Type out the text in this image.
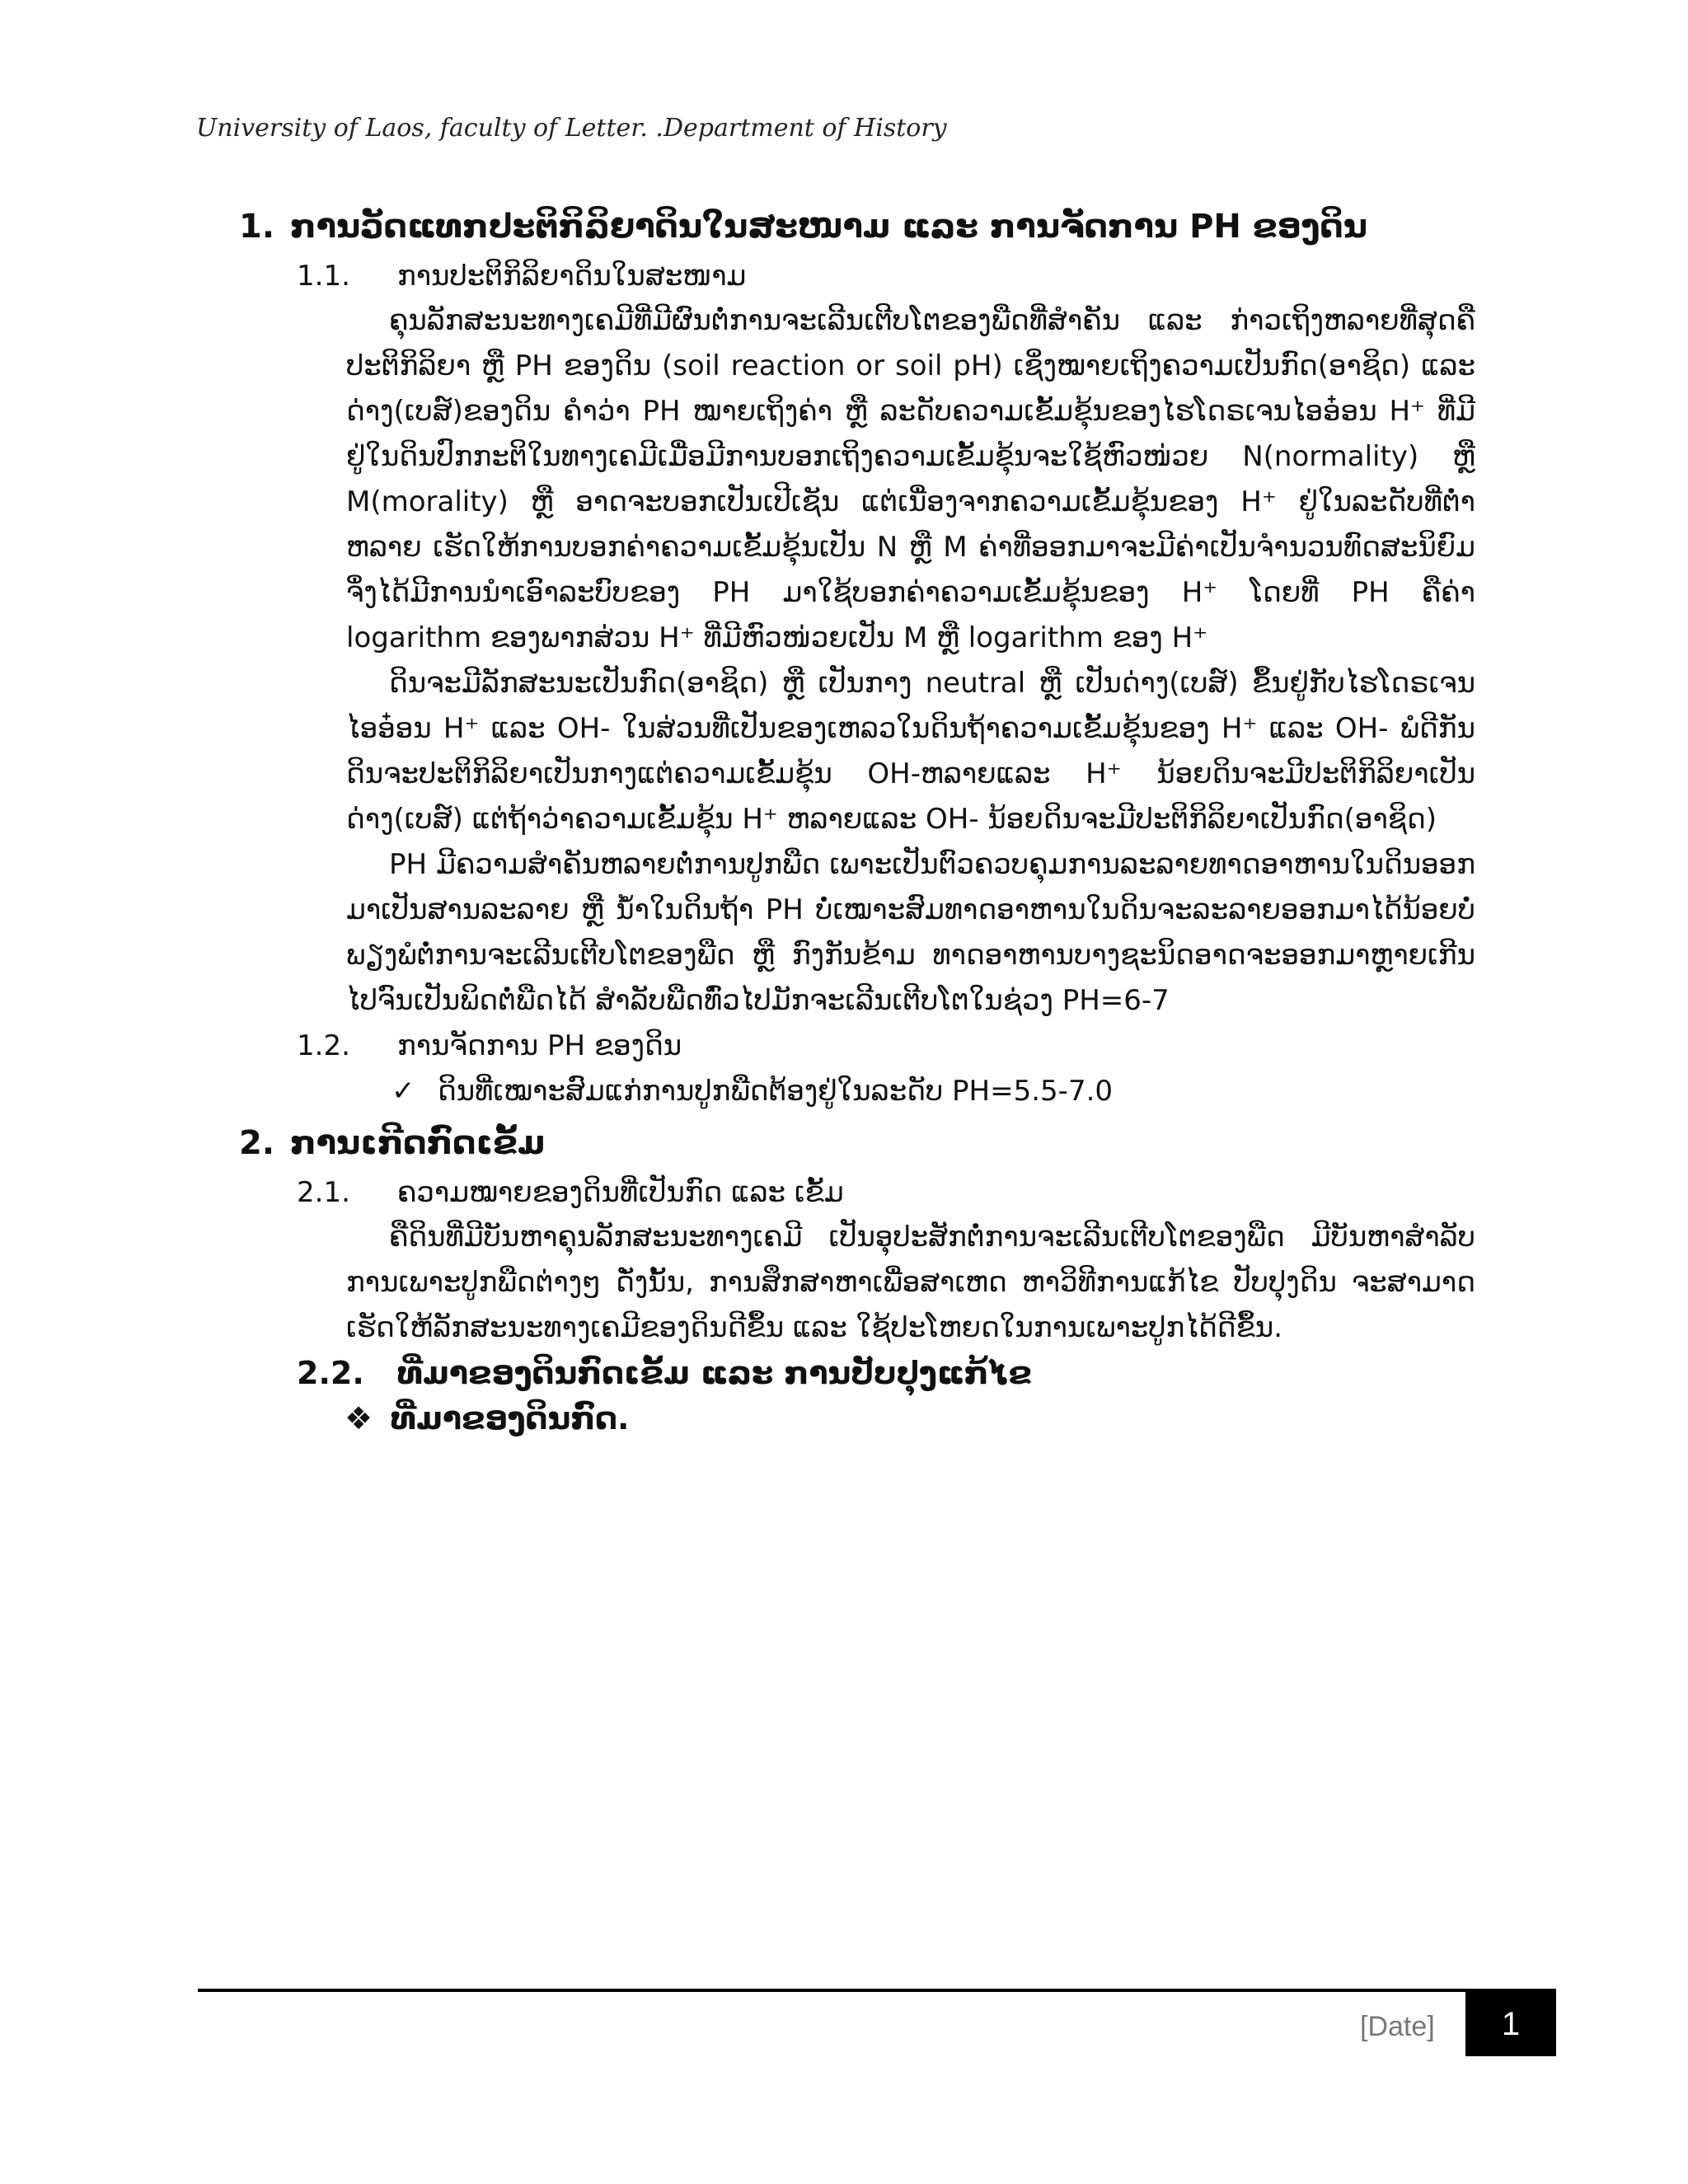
University of Laos, faculty of Letter. .Department of History
1. ການວັດແທກປະຕິກິລິຍາດິນໃນສະໜາມ ແລະ ການຈັດການ PH ຂອງດິນ
1.1. ການປະຕິກິລິຍາດິນໃນສະໜາມ
ຄຸນລັກສະນະທາງເຄມີທີ່ມີຜົນຕໍ່ການຈະເລີນເຕີບໂຕຂອງພືດທີ່ສຳຄັນ ແລະ ກ່າວເຖິງຫລາຍທີ່ສຸດຄືປະຕິກິລິຍາ ຫຼື PH ຂອງດິນ (soil reaction or soil pH) ເຊິ່ງໝາຍເຖິງຄວາມເປັນກົດ(ອາຊິດ) ແລະ ດ່າງ(ເບສ໌)ຂອງດິນ ຄຳວ່າ PH ໝາຍເຖິງຄ່າ ຫຼື ລະດັບຄວາມເຂັ້ມຂຸ້ນຂອງໄຮໂດຣເຈນໄອອ໋ອນ H⁺ ທີ່ມີຢູ່ໃນດິນປົກກະຕິໃນທາງເຄມີເມື່ອມີການບອກເຖິງຄວາມເຂັ້ມຂຸ້ນຈະໃຊ້ຫົວໜ່ວຍ N(normality) ຫຼື M(morality) ຫຼື ອາດຈະບອກເປັນເປີເຊັນ ແຕ່ເນື່ອງຈາກຄວາມເຂັ້ມຂຸ້ນຂອງ H⁺ ຢູ່ໃນລະດັບທີ່ຕ່ຳຫລາຍ ເຮັດໃຫ້ການບອກຄ່າຄວາມເຂັ້ມຂຸ້ນເປັນ N ຫຼື M ຄ່າທີ່ອອກມາຈະມີຄ່າເປັນຈຳນວນທົດສະນິຍົມ ຈຶ່ງໄດ້ມີການນຳເອົາລະບົບຂອງ PH ມາໃຊ້ບອກຄ່າຄວາມເຂັ້ມຂຸ້ນຂອງ H⁺ ໂດຍທີ່ PH ຄືຄ່າ logarithm ຂອງພາກສ່ວນ H⁺ ທີ່ມີຫົວໜ່ວຍເປັນ M ຫຼື logarithm ຂອງ H⁺
ດິນຈະມີລັກສະນະເປັນກົດ(ອາຊິດ) ຫຼື ເປັນກາງ neutral ຫຼື ເປັນດ່າງ(ເບສ໌) ຂຶ້ນຢູ່ກັບໄຮໂດຣເຈນໄອອ໋ອນ H⁺ ແລະ OH- ໃນສ່ວນທີ່ເປັນຂອງເຫລວໃນດິນຖ້າຄວາມເຂັ້ມຂຸ້ນຂອງ H⁺ ແລະ OH- ພໍດີກັນດິນຈະປະຕິກິລິຍາເປັນກາງແຕ່ຄວາມເຂັ້ມຂຸ້ນ OH-ຫລາຍແລະ H⁺ ນ້ອຍດິນຈະມີປະຕິກິລິຍາເປັນດ່າງ(ເບສ໌) ແຕ່ຖ້າວ່າຄວາມເຂັ້ມຂຸ້ນ H⁺ ຫລາຍແລະ OH- ນ້ອຍດິນຈະມີປະຕິກິລິຍາເປັນກົດ(ອາຊິດ)
PH ມີຄວາມສຳຄັນຫລາຍຕໍ່ການປູກພືດ ເພາະເປັນຕົວຄວບຄຸມການລະລາຍທາດອາຫານໃນດິນອອກມາເປັນສານລະລາຍ ຫຼື ນ້ຳໃນດິນຖ້າ PH ບໍ່ເໝາະສົມທາດອາຫານໃນດິນຈະລະລາຍອອກມາໄດ້ນ້ອຍບໍ່ພຽງພໍຕໍ່ການຈະເລີນເຕີບໂຕຂອງພືດ ຫຼື ກົງກັນຂ້າມ ທາດອາຫານບາງຊະນິດອາດຈະອອກມາຫຼາຍເກີນໄປຈົນເປັນພິດຕໍ່ພືດໄດ້ ສຳລັບພືດທົ່ວໄປມັກຈະເລີນເຕີບໂຕໃນຊ່ວງ PH=6-7
1.2. ການຈັດການ PH ຂອງດິນ
✓ ດິນທີ່ເໝາະສົມແກ່ການປູກພືດຕ້ອງຢູ່ໃນລະດັບ PH=5.5-7.0
2. ການເກີດກົດເຂັ້ມ
2.1. ຄວາມໝາຍຂອງດິນທີ່ເປັນກົດ ແລະ ເຂັ້ມ
ຄືດິນທີ່ມີບັນຫາຄຸນລັກສະນະທາງເຄມີ ເປັນອຸປະສັກຕໍ່ການຈະເລີນເຕີບໂຕຂອງພືດ ມີບັນຫາສຳລັບການເພາະປູກພືດຕ່າງໆ ດັ່ງນັ້ນ, ການສຶກສາຫາເພື່ອສາເຫດ ຫາວິທີການແກ້ໄຂ ປັບປຸງດິນ ຈະສາມາດເຮັດໃຫ້ລັກສະນະທາງເຄມີຂອງດິນດີຂຶ້ນ ແລະ ໃຊ້ປະໂຫຍດໃນການເພາະປູກໄດ້ດີຂຶ້ນ.
2.2. ທີ່ມາຂອງດິນກົດເຂັ້ມ ແລະ ການປັບປຸງແກ້ໄຂ
❖ ທີ່ມາຂອງດິນກົດ.
[Date]	1
